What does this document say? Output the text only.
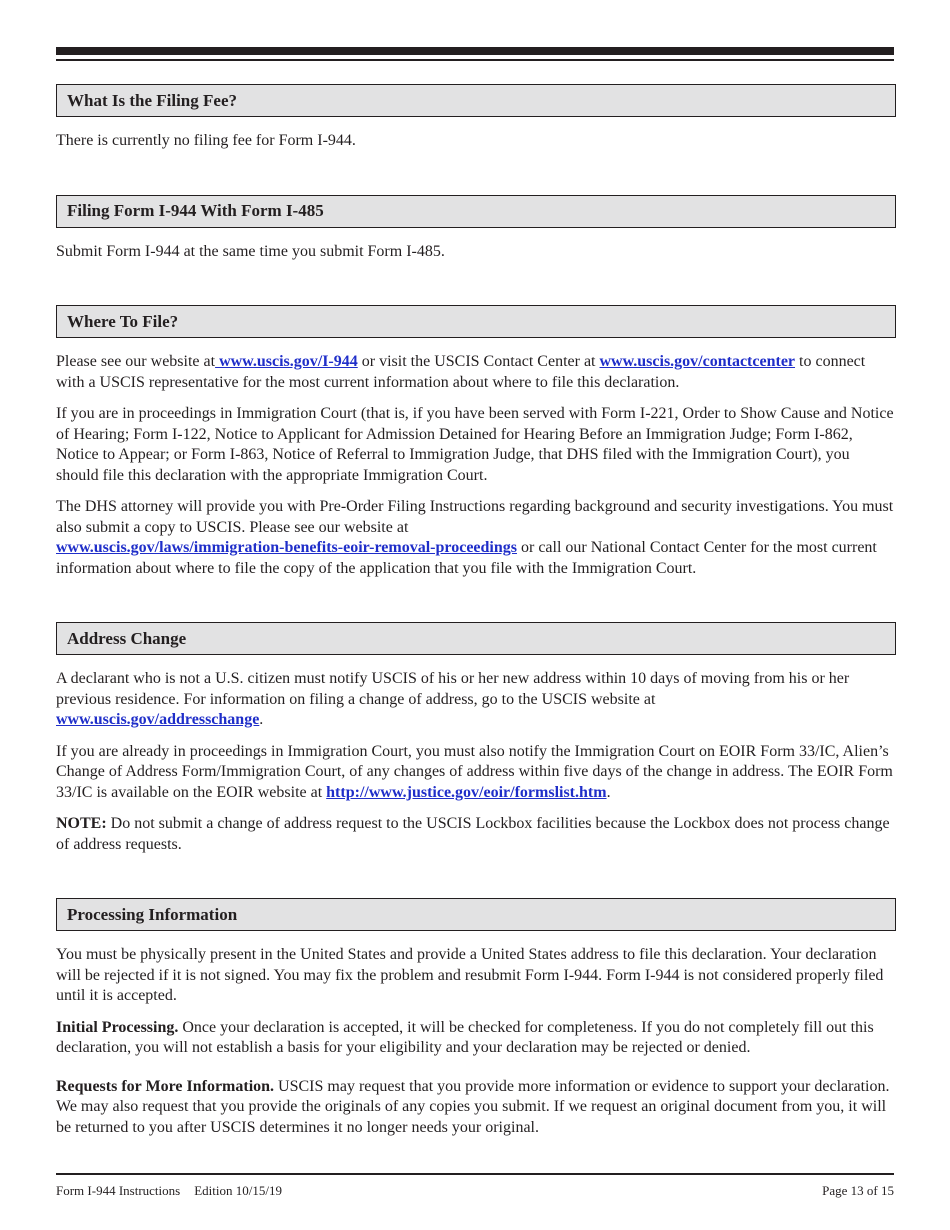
What Is the Filing Fee?

There is currently no filing fee for Form I-944.

Filing Form I-944 With Form I-485

Submit Form I-944 at the same time you submit Form I-485.

Where To File?

Please see our website at www.uscis.gov/I-944 or visit the USCIS Contact Center at www.uscis.gov/contactcenter to connect with a USCIS representative for the most current information about where to file this declaration.

If you are in proceedings in Immigration Court (that is, if you have been served with Form I-221, Order to Show Cause and Notice of Hearing; Form I-122, Notice to Applicant for Admission Detained for Hearing Before an Immigration Judge; Form I-862, Notice to Appear; or Form I-863, Notice of Referral to Immigration Judge, that DHS filed with the Immigration Court), you should file this declaration with the appropriate Immigration Court.

The DHS attorney will provide you with Pre-Order Filing Instructions regarding background and security investigations. You must also submit a copy to USCIS. Please see our website at
www.uscis.gov/laws/immigration-benefits-eoir-removal-proceedings or call our National Contact Center for the most current information about where to file the copy of the application that you file with the Immigration Court.

Address Change

A declarant who is not a U.S. citizen must notify USCIS of his or her new address within 10 days of moving from his or her previous residence. For information on filing a change of address, go to the USCIS website at
www.uscis.gov/addresschange.

If you are already in proceedings in Immigration Court, you must also notify the Immigration Court on EOIR Form 33/IC, Alien’s Change of Address Form/Immigration Court, of any changes of address within five days of the change in address. The EOIR Form 33/IC is available on the EOIR website at http://www.justice.gov/eoir/formslist.htm.

NOTE: Do not submit a change of address request to the USCIS Lockbox facilities because the Lockbox does not process change of address requests.

Processing Information

You must be physically present in the United States and provide a United States address to file this declaration. Your declaration will be rejected if it is not signed. You may fix the problem and resubmit Form I-944. Form I-944 is not considered properly filed until it is accepted.

Initial Processing. Once your declaration is accepted, it will be checked for completeness. If you do not completely fill out this declaration, you will not establish a basis for your eligibility and your declaration may be rejected or denied.

Requests for More Information. USCIS may request that you provide more information or evidence to support your declaration. We may also request that you provide the originals of any copies you submit. If we request an original document from you, it will be returned to you after USCIS determines it no longer needs your original.

Form I-944 Instructions Edition 10/15/19	Page 13 of 15
